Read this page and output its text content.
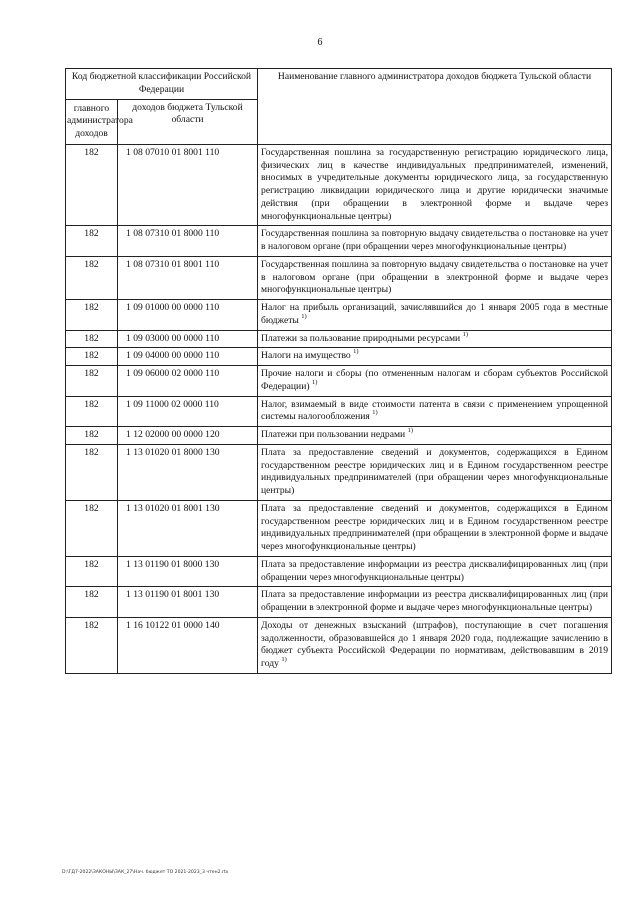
6
Код бюджетной классификации Российской Федерации		Наименование главного администратора доходов бюджета Тульской области
главного администратора доходов	доходов бюджета Тульской области	
182	1 08 07010 01 8001 110	Государственная пошлина за государственную регистрацию юридического лица, физических лиц в качестве индивидуальных предпринимателей, изменений, вносимых в учредительные документы юридического лица, за государственную регистрацию ликвидации юридического лица и другие юридически значимые действия (при обращении в электронной форме и выдаче через многофункциональные центры)
182	1 08 07310 01 8000 110	Государственная пошлина за повторную выдачу свидетельства о постановке на учет в налоговом органе (при обращении через многофункциональные центры)
182	1 08 07310 01 8001 110	Государственная пошлина за повторную выдачу свидетельства о постановке на учет в налоговом органе (при обращении в электронной форме и выдаче через многофункциональные центры)
182	1 09 01000 00 0000 110	Налог на прибыль организаций, зачислявшийся до 1 января 2005 года в местные бюджеты $^{1)}$
182	1 09 03000 00 0000 110	Платежи за пользование природными ресурсами $^{1)}$
182	1 09 04000 00 0000 110	Налоги на имущество $^{1)}$
182	1 09 06000 02 0000 110	Прочие налоги и сборы (по отмененным налогам и сборам субъектов Российской Федерации) $^{1)}$
182	1 09 11000 02 0000 110	Налог, взимаемый в виде стоимости патента в связи с применением упрощенной системы налогообложения $^{1)}$
182	1 12 02000 00 0000 120	Платежи при пользовании недрами $^{1)}$
182	1 13 01020 01 8000 130	Плата за предоставление сведений и документов, содержащихся в Едином государственном реестре юридических лиц и в Едином государственном реестре индивидуальных предпринимателей (при обращении через многофункциональные центры)
182	1 13 01020 01 8001 130	Плата за предоставление сведений и документов, содержащихся в Едином государственном реестре юридических лиц и в Едином государственном реестре индивидуальных предпринимателей (при обращении в электронной форме и выдаче через многофункциональные центры)
182	1 13 01190 01 8000 130	Плата за предоставление информации из реестра дисквалифицированных лиц (при обращении через многофункциональные центры)
182	1 13 01190 01 8001 130	Плата за предоставление информации из реестра дисквалифицированных лиц (при обращении в электронной форме и выдаче через многофункциональные центры)
182	1 16 10122 01 0000 140	Доходы от денежных взысканий (штрафов), поступающие в счет погашения задолженности, образовавшейся до 1 января 2020 года, подлежащие зачислению в бюджет субъекта Российской Федерации по нормативам, действовавшим в 2019 году $^{1)}$
D:\ГД7-2022\ЗАКОНЫ\ЗАК_27\Нач. бюджет ТО 2021-2023_3 чтен2.rtx
